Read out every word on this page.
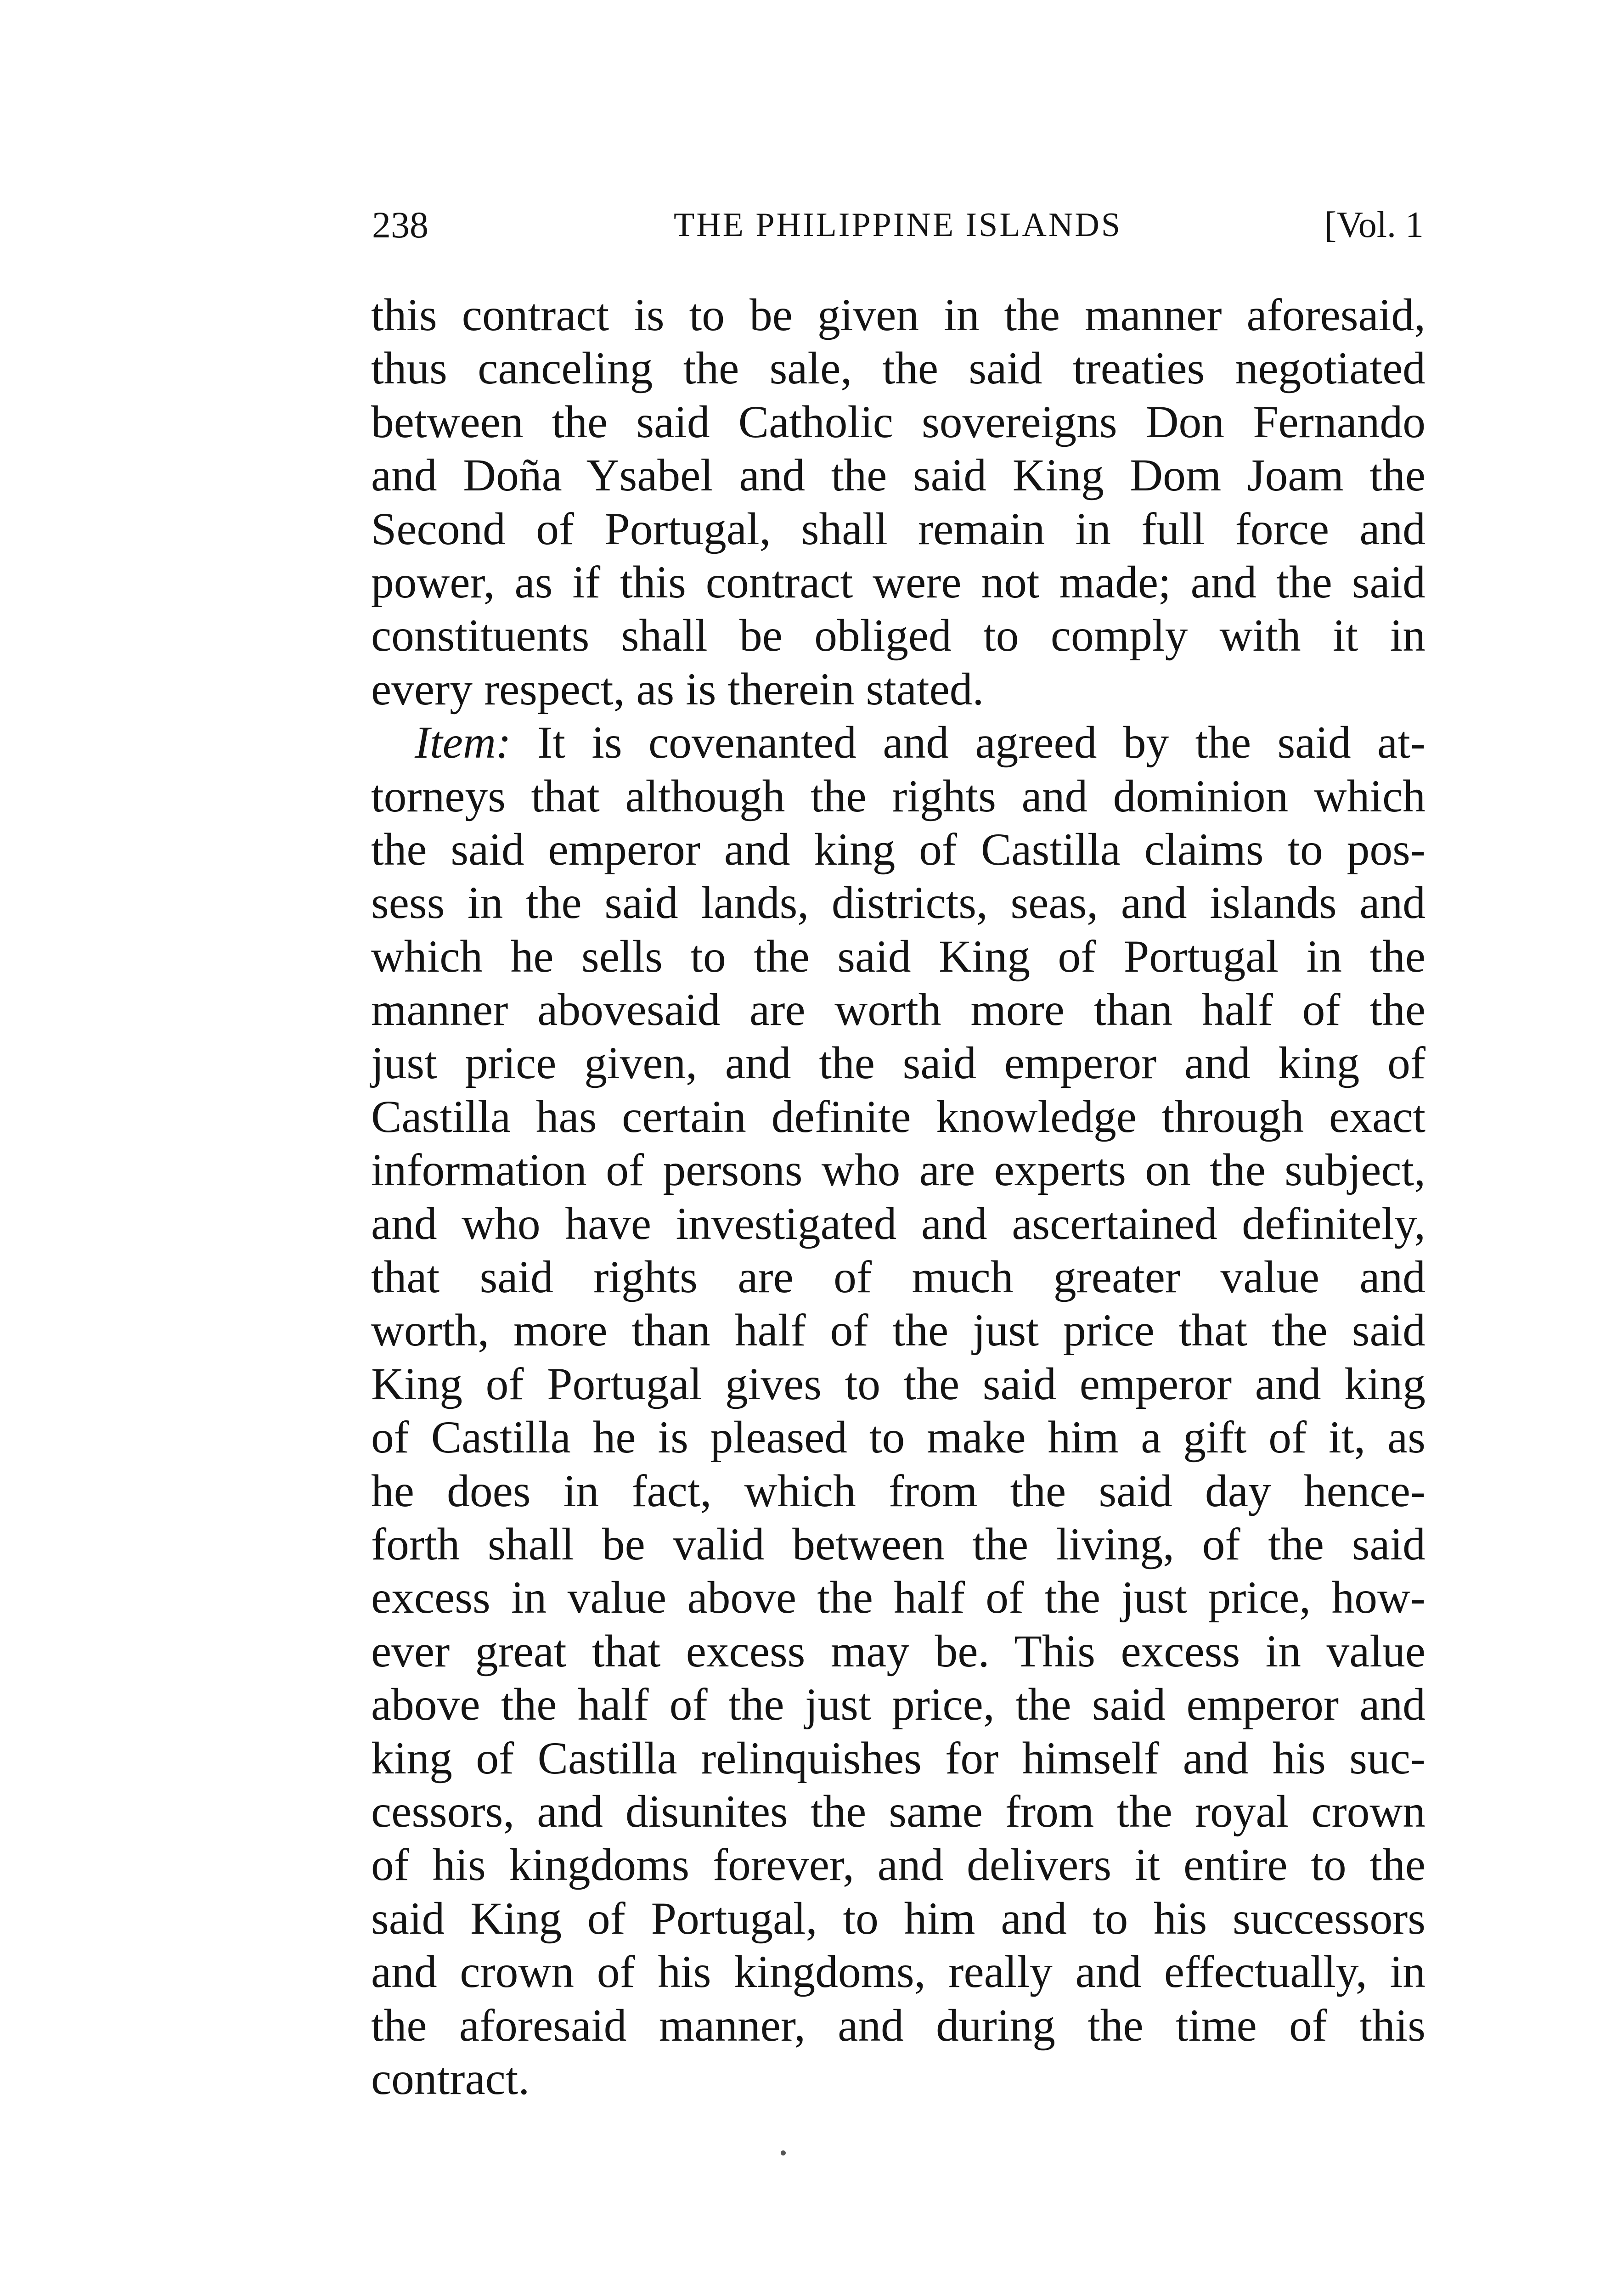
238	THE PHILIPPINE ISLANDS	[Vol. 1
this contract is to be given in the manner aforesaid,
thus canceling the sale, the said treaties negotiated
between the said Catholic sovereigns Don Fernando
and Doña Ysabel and the said King Dom Joam the
Second of Portugal, shall remain in full force and
power, as if this contract were not made; and the said
constituents shall be obliged to comply with it in
every respect, as is therein stated.
Item: It is covenanted and agreed by the said at-
torneys that although the rights and dominion which
the said emperor and king of Castilla claims to pos-
sess in the said lands, districts, seas, and islands and
which he sells to the said King of Portugal in the
manner abovesaid are worth more than half of the
just price given, and the said emperor and king of
Castilla has certain definite knowledge through exact
information of persons who are experts on the subject,
and who have investigated and ascertained definitely,
that said rights are of much greater value and
worth, more than half of the just price that the said
King of Portugal gives to the said emperor and king
of Castilla he is pleased to make him a gift of it, as
he does in fact, which from the said day hence-
forth shall be valid between the living, of the said
excess in value above the half of the just price, how-
ever great that excess may be. This excess in value
above the half of the just price, the said emperor and
king of Castilla relinquishes for himself and his suc-
cessors, and disunites the same from the royal crown
of his kingdoms forever, and delivers it entire to the
said King of Portugal, to him and to his successors
and crown of his kingdoms, really and effectually, in
the aforesaid manner, and during the time of this
contract.
